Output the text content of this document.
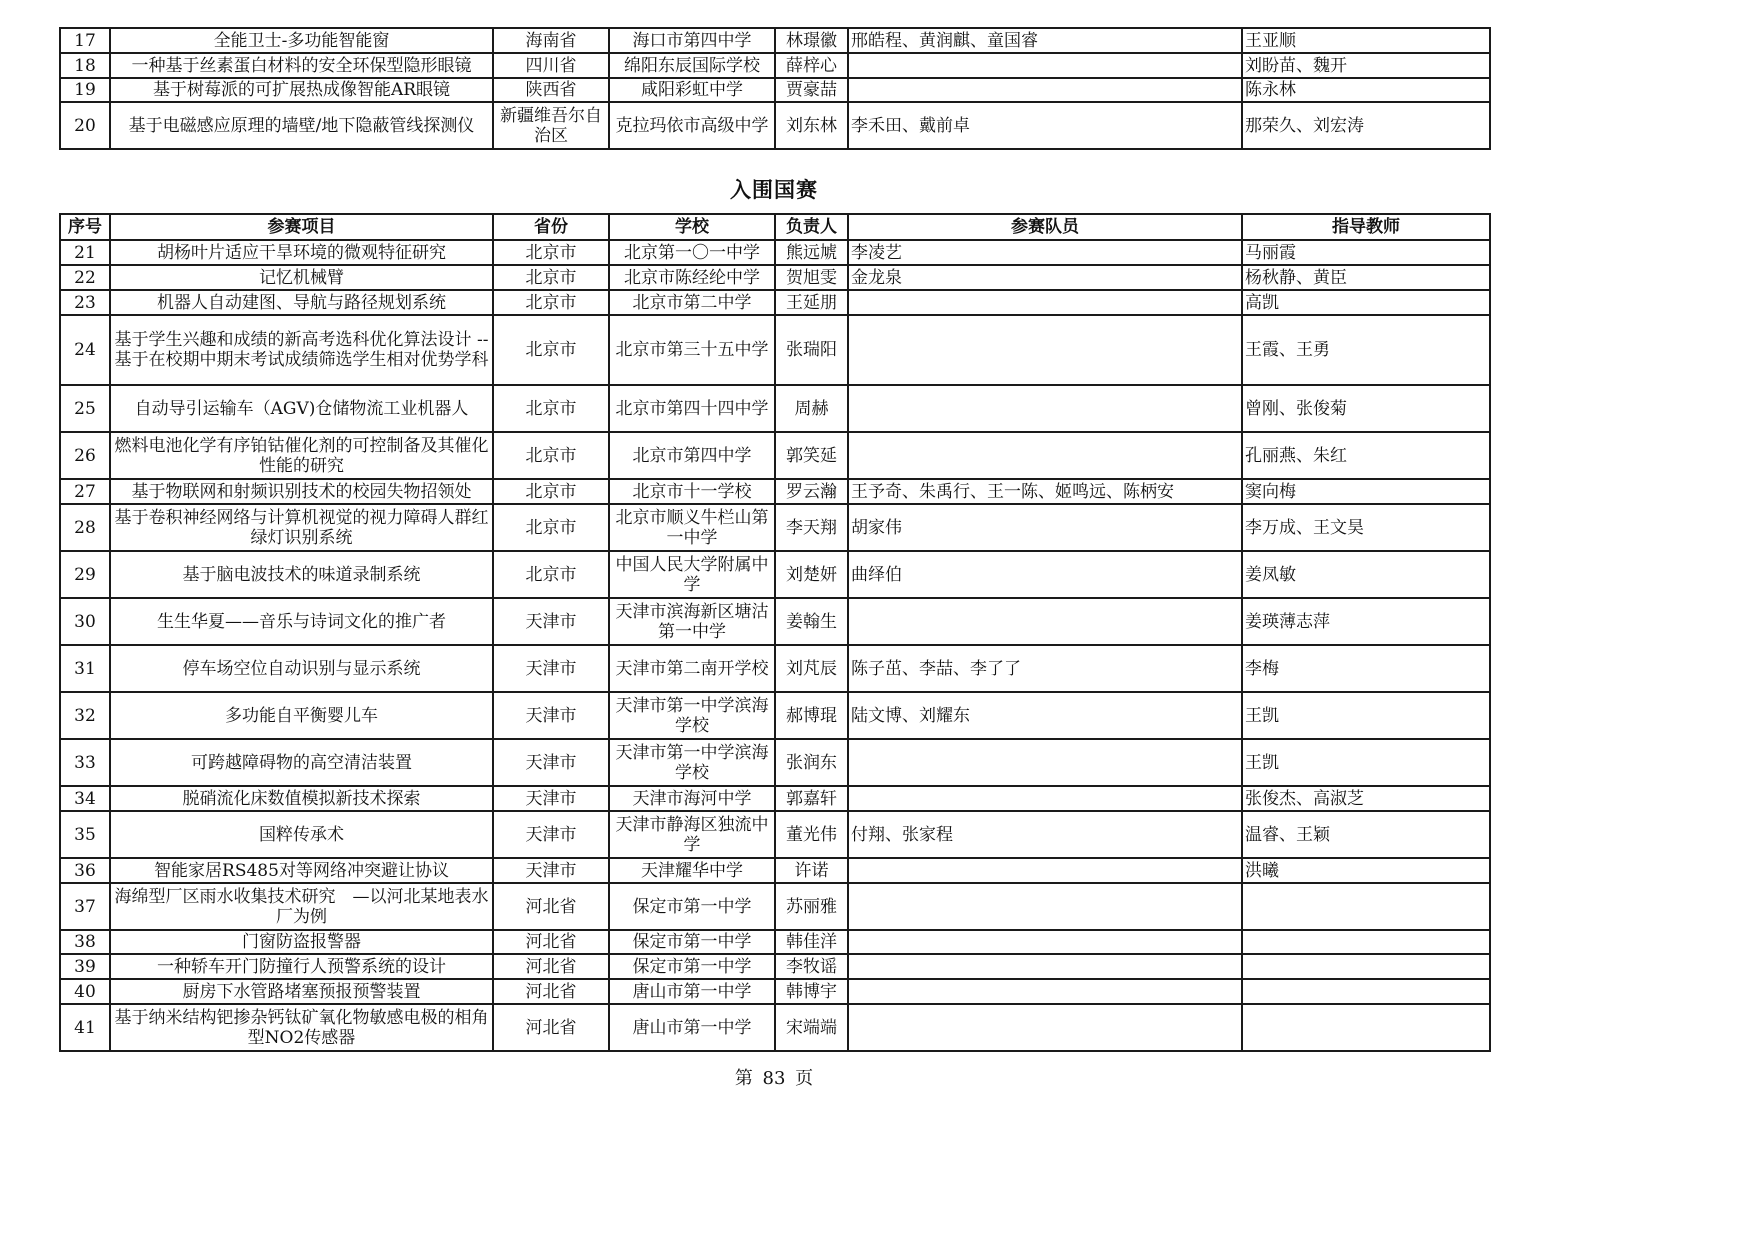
17	全能卫士-多功能智能窗	海南省	海口市第四中学	林璟徽	邢皓程、黄润麒、童国睿	王亚顺
18	一种基于丝素蛋白材料的安全环保型隐形眼镜	四川省	绵阳东辰国际学校	薛梓心		刘盼苗、魏开
19	基于树莓派的可扩展热成像智能AR眼镜	陕西省	咸阳彩虹中学	贾豪喆		陈永林
20	基于电磁感应原理的墙壁/地下隐蔽管线探测仪	新疆维吾尔自治区	克拉玛依市高级中学	刘东林	李禾田、戴前卓	那荣久、刘宏涛
入围国赛
序号	参赛项目	省份	学校	负责人	参赛队员	指导教师
21	胡杨叶片适应干旱环境的微观特征研究	北京市	北京第一〇一中学	熊远虓	李凌艺	马丽霞
22	记忆机械臂	北京市	北京市陈经纶中学	贺旭雯	金龙泉	杨秋静、黄臣
23	机器人自动建图、导航与路径规划系统	北京市	北京市第二中学	王延朋		高凯
24	基于学生兴趣和成绩的新高考选科优化算法设计 --基于在校期中期末考试成绩筛选学生相对优势学科	北京市	北京市第三十五中学	张瑞阳		王霞、王勇
25	自动导引运输车（AGV)仓储物流工业机器人	北京市	北京市第四十四中学	周赫		曾刚、张俊菊
26	燃料电池化学有序铂钴催化剂的可控制备及其催化性能的研究	北京市	北京市第四中学	郭笑延		孔丽燕、朱红
27	基于物联网和射频识别技术的校园失物招领处	北京市	北京市十一学校	罗云瀚	王予奇、朱禹行、王一陈、姬鸣远、陈柄安	窦向梅
28	基于卷积神经网络与计算机视觉的视力障碍人群红绿灯识别系统	北京市	北京市顺义牛栏山第一中学	李天翔	胡家伟	李万成、王文昊
29	基于脑电波技术的味道录制系统	北京市	中国人民大学附属中学	刘楚妍	曲绎伯	姜凤敏
30	生生华夏——音乐与诗词文化的推广者	天津市	天津市滨海新区塘沽第一中学	姜翰生		姜瑛薄志萍
31	停车场空位自动识别与显示系统	天津市	天津市第二南开学校	刘芃辰	陈子茁、李喆、李了了	李梅
32	多功能自平衡婴儿车	天津市	天津市第一中学滨海学校	郝博琨	陆文博、刘耀东	王凯
33	可跨越障碍物的高空清洁装置	天津市	天津市第一中学滨海学校	张润东		王凯
34	脱硝流化床数值模拟新技术探索	天津市	天津市海河中学	郭嘉轩		张俊杰、高淑芝
35	国粹传承术	天津市	天津市静海区独流中学	董光伟	付翔、张家程	温睿、王颖
36	智能家居RS485对等网络冲突避让协议	天津市	天津耀华中学	许诺		洪曦
37	海绵型厂区雨水收集技术研究　—以河北某地表水厂为例	河北省	保定市第一中学	苏丽雅		
38	门窗防盗报警器	河北省	保定市第一中学	韩佳洋		
39	一种轿车开门防撞行人预警系统的设计	河北省	保定市第一中学	李牧谣		
40	厨房下水管路堵塞预报预警装置	河北省	唐山市第一中学	韩博宇		
41	基于纳米结构钯掺杂钙钛矿氧化物敏感电极的相角型NO2传感器	河北省	唐山市第一中学	宋端端		
第 83 页
